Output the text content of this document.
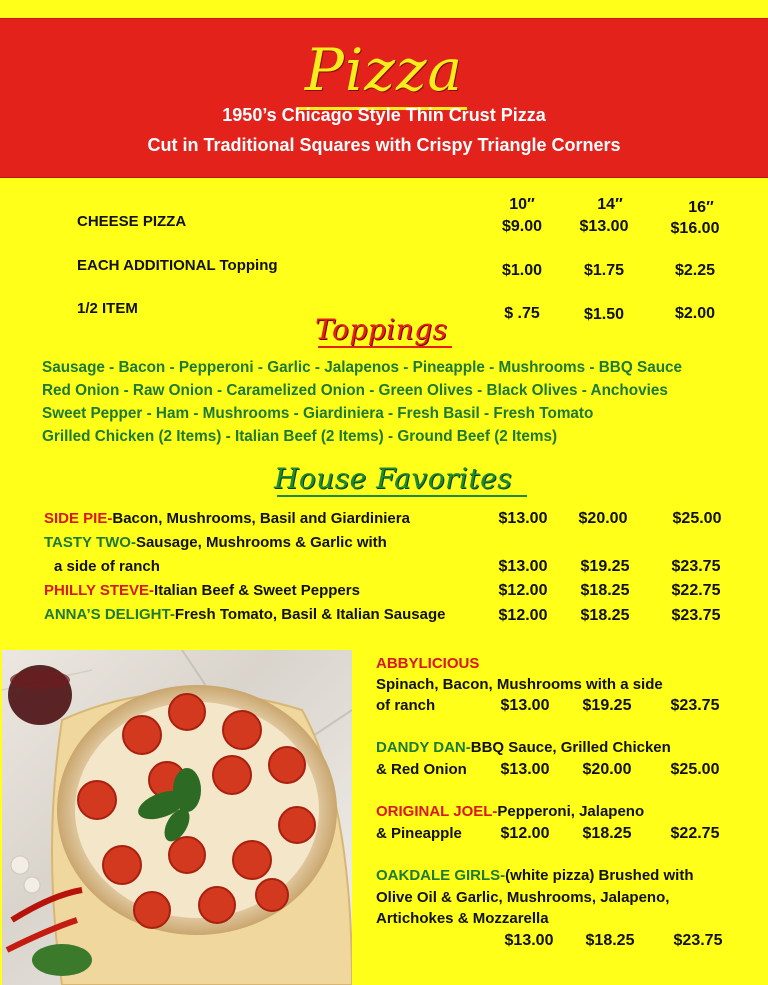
Pizza
1950’s Chicago Style Thin Crust Pizza
Cut in Traditional Squares with Crispy Triangle Corners
10″	14″	16″
CHEESE PIZZA	$9.00	$13.00	$16.00
EACH ADDITIONAL Topping	$1.00	$1.75	$2.25
1/2 ITEM	$ .75	$1.50	$2.00
Toppings
Sausage - Bacon - Pepperoni - Garlic - Jalapenos - Pineapple - Mushrooms - BBQ Sauce
Red Onion - Raw Onion - Caramelized Onion - Green Olives - Black Olives - Anchovies
Sweet Pepper - Ham - Mushrooms - Giardiniera - Fresh Basil - Fresh Tomato
Grilled Chicken (2 Items) - Italian Beef (2 Items) - Ground Beef (2 Items)
House Favorites
SIDE PIE-Bacon, Mushrooms, Basil and Giardiniera	$13.00	$20.00	$25.00
TASTY TWO-Sausage, Mushrooms & Garlic with
a side of ranch	$13.00	$19.25	$23.75
PHILLY STEVE-Italian Beef & Sweet Peppers	$12.00	$18.25	$22.75
ANNA’S DELIGHT-Fresh Tomato, Basil & Italian Sausage	$12.00	$18.25	$23.75
ABBYLICIOUS
Spinach, Bacon, Mushrooms with a side
of ranch	$13.00	$19.25	$23.75
DANDY DAN-BBQ Sauce, Grilled Chicken
& Red Onion	$13.00	$20.00	$25.00
ORIGINAL JOEL-Pepperoni, Jalapeno
& Pineapple	$12.00	$18.25	$22.75
OAKDALE GIRLS-(white pizza) Brushed with
Olive Oil & Garlic, Mushrooms, Jalapeno,
Artichokes & Mozzarella
$13.00	$18.25	$23.75
